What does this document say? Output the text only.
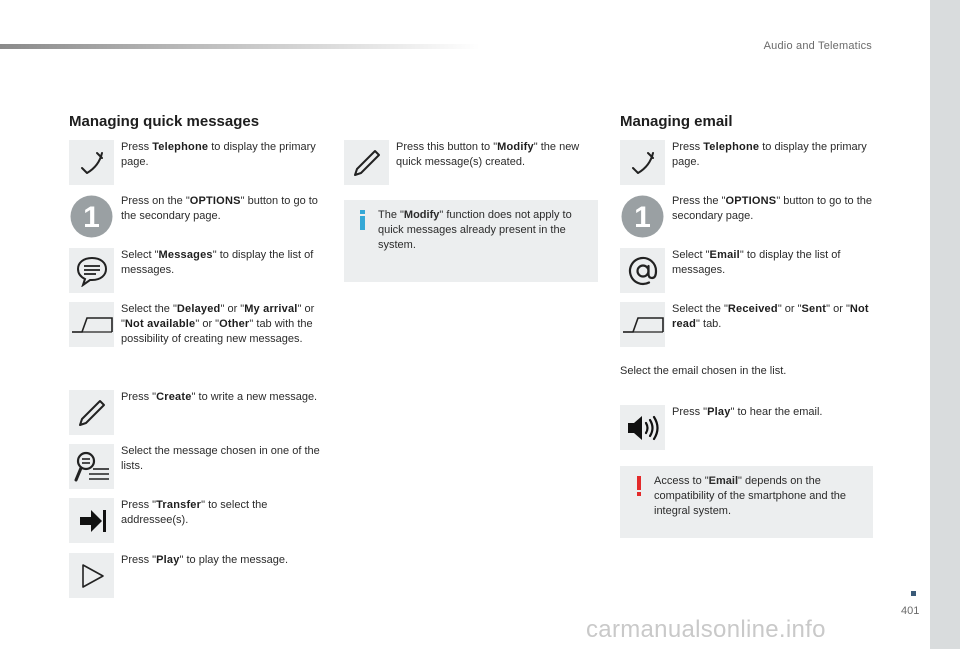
Audio and Telematics
Managing quick messages
Press Telephone to display the primary page.
1 Press on the "OPTIONS" button to go to the secondary page.
Select "Messages" to display the list of messages.
Select the "Delayed" or "My arrival" or "Not available" or "Other" tab with the possibility of creating new messages.
Press "Create" to write a new message.
Select the message chosen in one of the lists.
Press "Transfer" to select the addressee(s).
Press "Play" to play the message.
Press this button to "Modify" the new quick message(s) created.
The "Modify" function does not apply to quick messages already present in the system.
Managing email
Press Telephone to display the primary page.
1 Press the "OPTIONS" button to go to the secondary page.
Select "Email" to display the list of messages.
Select the "Received" or "Sent" or "Not read" tab.
Select the email chosen in the list.
Press "Play" to hear the email.
Access to "Email" depends on the compatibility of the smartphone and the integral system.
401
carmanualsonline.info
